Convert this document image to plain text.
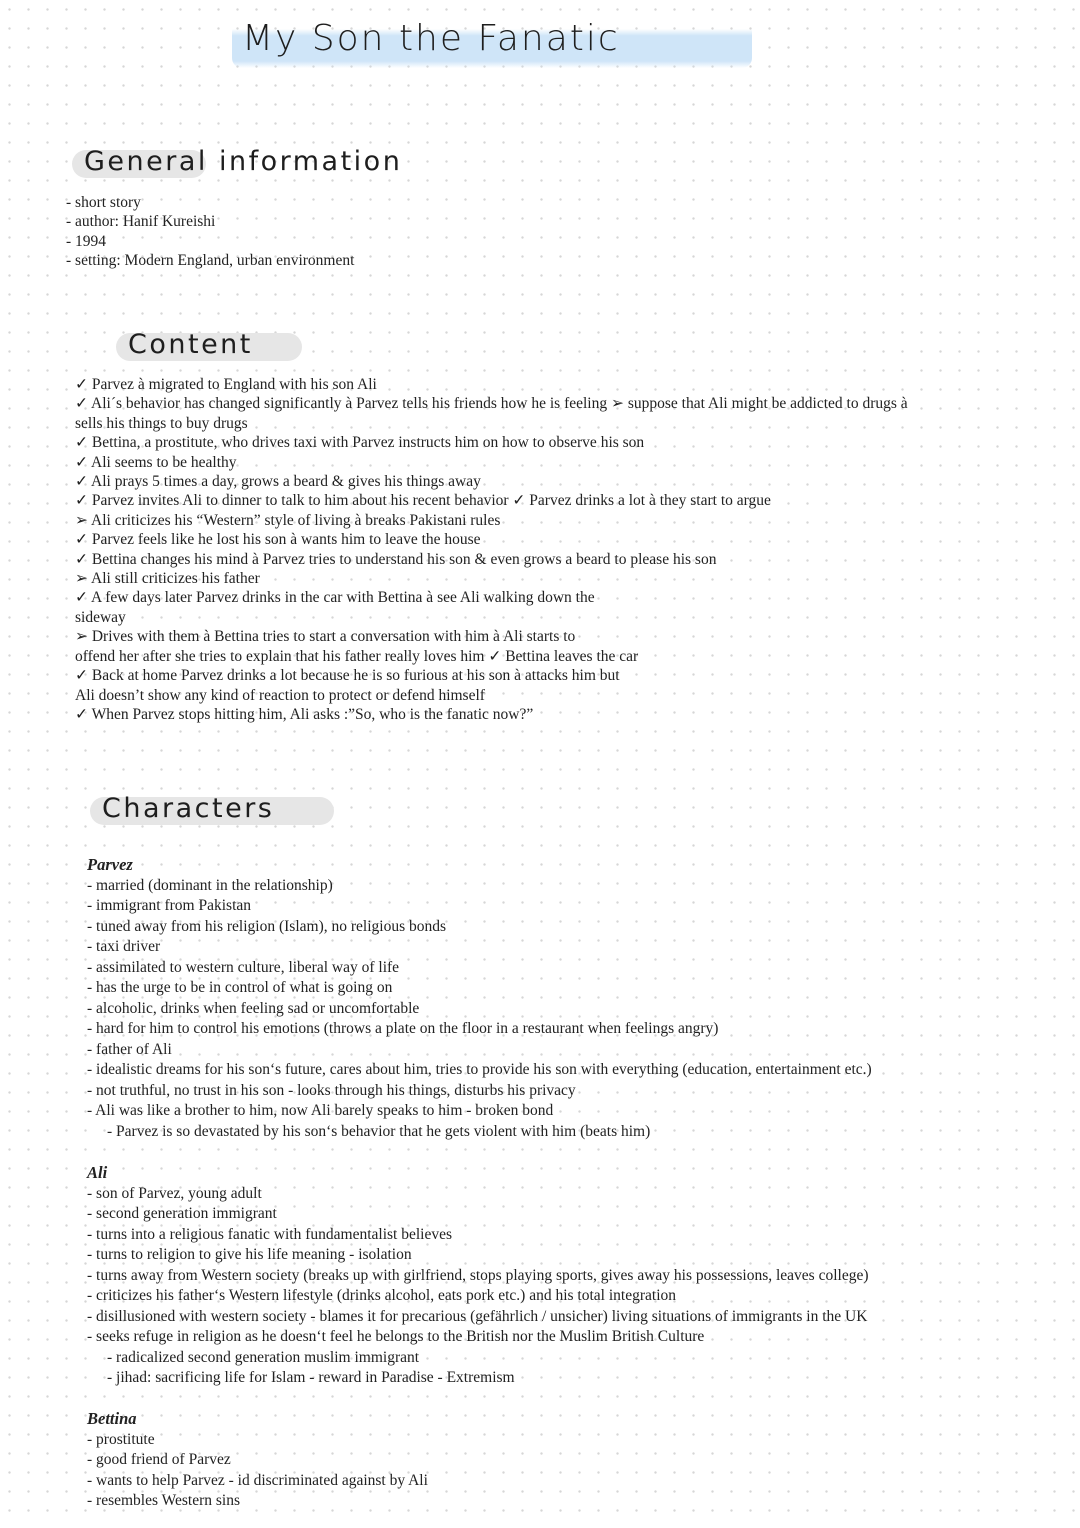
My Son the Fanatic
General information
- short story
- author: Hanif Kureishi
- 1994
- setting: Modern England, urban environment
Content
✓ Parvez à migrated to England with his son Ali
✓ Ali´s behavior has changed significantly à Parvez tells his friends how he is feeling ➢ suppose that Ali might be addicted to drugs à
sells his things to buy drugs
✓ Bettina, a prostitute, who drives taxi with Parvez instructs him on how to observe his son
✓ Ali seems to be healthy
✓ Ali prays 5 times a day, grows a beard & gives his things away
✓ Parvez invites Ali to dinner to talk to him about his recent behavior ✓ Parvez drinks a lot à they start to argue
➢ Ali criticizes his “Western” style of living à breaks Pakistani rules
✓ Parvez feels like he lost his son à wants him to leave the house
✓ Bettina changes his mind à Parvez tries to understand his son & even grows a beard to please his son
➢ Ali still criticizes his father
✓ A few days later Parvez drinks in the car with Bettina à see Ali walking down the
sideway
➢ Drives with them à Bettina tries to start a conversation with him à Ali starts to
offend her after she tries to explain that his father really loves him ✓ Bettina leaves the car
✓ Back at home Parvez drinks a lot because he is so furious at his son à attacks him but
Ali doesn’t show any kind of reaction to protect or defend himself
✓ When Parvez stops hitting him, Ali asks :”So, who is the fanatic now?”
Characters
Parvez
- married (dominant in the relationship)
- immigrant from Pakistan
- tuned away from his religion (Islam), no religious bonds
- taxi driver
- assimilated to western culture, liberal way of life
- has the urge to be in control of what is going on
- alcoholic, drinks when feeling sad or uncomfortable
- hard for him to control his emotions (throws a plate on the floor in a restaurant when feelings angry)
- father of Ali
- idealistic dreams for his son‘s future, cares about him, tries to provide his son with everything (education, entertainment etc.)
- not truthful, no trust in his son - looks through his things, disturbs his privacy
- Ali was like a brother to him, now Ali barely speaks to him - broken bond
- Parvez is so devastated by his son‘s behavior that he gets violent with him (beats him)
Ali
- son of Parvez, young adult
- second generation immigrant
- turns into a religious fanatic with fundamentalist believes
- turns to religion to give his life meaning - isolation
- turns away from Western society (breaks up with girlfriend, stops playing sports, gives away his possessions, leaves college)
- criticizes his father‘s Western lifestyle (drinks alcohol, eats pork etc.) and his total integration
- disillusioned with western society - blames it for precarious (gefährlich / unsicher) living situations of immigrants in the UK
- seeks refuge in religion as he doesn‘t feel he belongs to the British nor the Muslim British Culture
- radicalized second generation muslim immigrant
- jihad: sacrificing life for Islam - reward in Paradise - Extremism
Bettina
- prostitute
- good friend of Parvez
- wants to help Parvez - id discriminated against by Ali
- resembles Western sins
